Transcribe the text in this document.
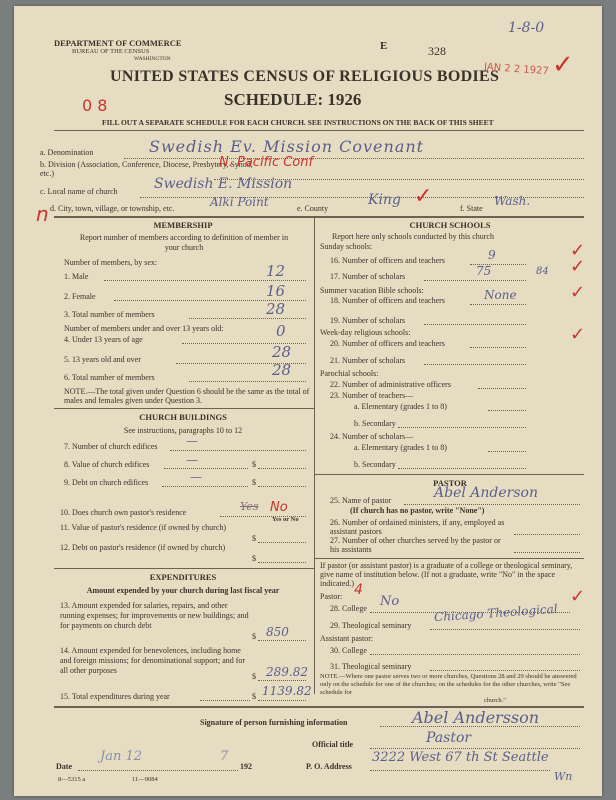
DEPARTMENT OF COMMERCE
BUREAU OF THE CENSUS
WASHINGTON
E	328
1-8-0
JAN 2 2 1927 ✓
UNITED STATES CENSUS OF RELIGIOUS BODIES
SCHEDULE: 1926
0 8
FILL OUT A SEPARATE SCHEDULE FOR EACH CHURCH. SEE INSTRUCTIONS ON THE BACK OF THIS SHEET
a. Denomination	Swedish Ev. Mission Covenant
b. Division (Association, Conference, Diocese, Presbytery, Synod, etc.)
N. Pacific Conf
c. Local name of church	Swedish E. Mission
n d. City, town, village, or township, etc.	Alki Point	e. County
King ✓	f. State
Wash.
MEMBERSHIP
Report number of members according to definition of member in your church
Number of members, by sex:
1. Male	12
2. Female	16
3. Total number of members	28
Number of members under and over 13 years old:
4. Under 13 years of age	0
5. 13 years old and over	28
6. Total number of members	28
NOTE.—The total given under Question 6 should be the same as the total of males and females given under Question 3.
CHURCH BUILDINGS
See instructions, paragraphs 10 to 12
7. Number of church edifices —
8. Value of church edifices	—	$
9. Debt on church edifices	—	$
10. Does church own pastor's residence	Yes No
Yes or No
11. Value of pastor's residence (if owned by church)
$
12. Debt on pastor's residence (if owned by church)
$
EXPENDITURES
Amount expended by your church during last fiscal year
13. Amount expended for salaries, repairs, and other running expenses; for improvements or new buildings; and for payments on church debt
$ 850
14. Amount expended for benevolences, including home and foreign missions; for denominational support; and for all other purposes
$ 289.82
15. Total expenditures during year	$ 1139.82
CHURCH SCHOOLS
Report here only schools conducted by this church
Sunday schools:
16. Number of officers and teachers	9	✓
17. Number of scholars	75	84 ✓
Summer vacation Bible schools:
18. Number of officers and teachers	None	✓
19. Number of scholars
Week-day religious schools:
20. Number of officers and teachers	✓
21. Number of scholars
Parochial schools:
22. Number of administrative officers
23. Number of teachers—
a. Elementary (grades 1 to 8)
b. Secondary
24. Number of scholars—
a. Elementary (grades 1 to 8)
b. Secondary
PASTOR
25. Name of pastor	Abel Anderson
(If church has no pastor, write "None")
26. Number of ordained ministers, if any, employed as assistant pastors
27. Number of other churches served by the pastor or his assistants
If pastor (or assistant pastor) is a graduate of a college or theological seminary, give name of institution below. (If not a graduate, write "No" in the space indicated.)
Pastor: 4
28. College No	✓
29. Theological seminary
Chicago Theological
Assistant pastor:
30. College
31. Theological seminary
NOTE.—Where one pastor serves two or more churches, Questions 28 and 29 should be answered only on the schedule for one of the churches; on the schedules for the other churches, write "See schedule for
church."
Signature of person furnishing information	Abel Andersson
Official title	Pastor
Date
Jan 12
192
7
P. O. Address
3222 West 67 th St Seattle
Wn
8—5315 a	11—9084
